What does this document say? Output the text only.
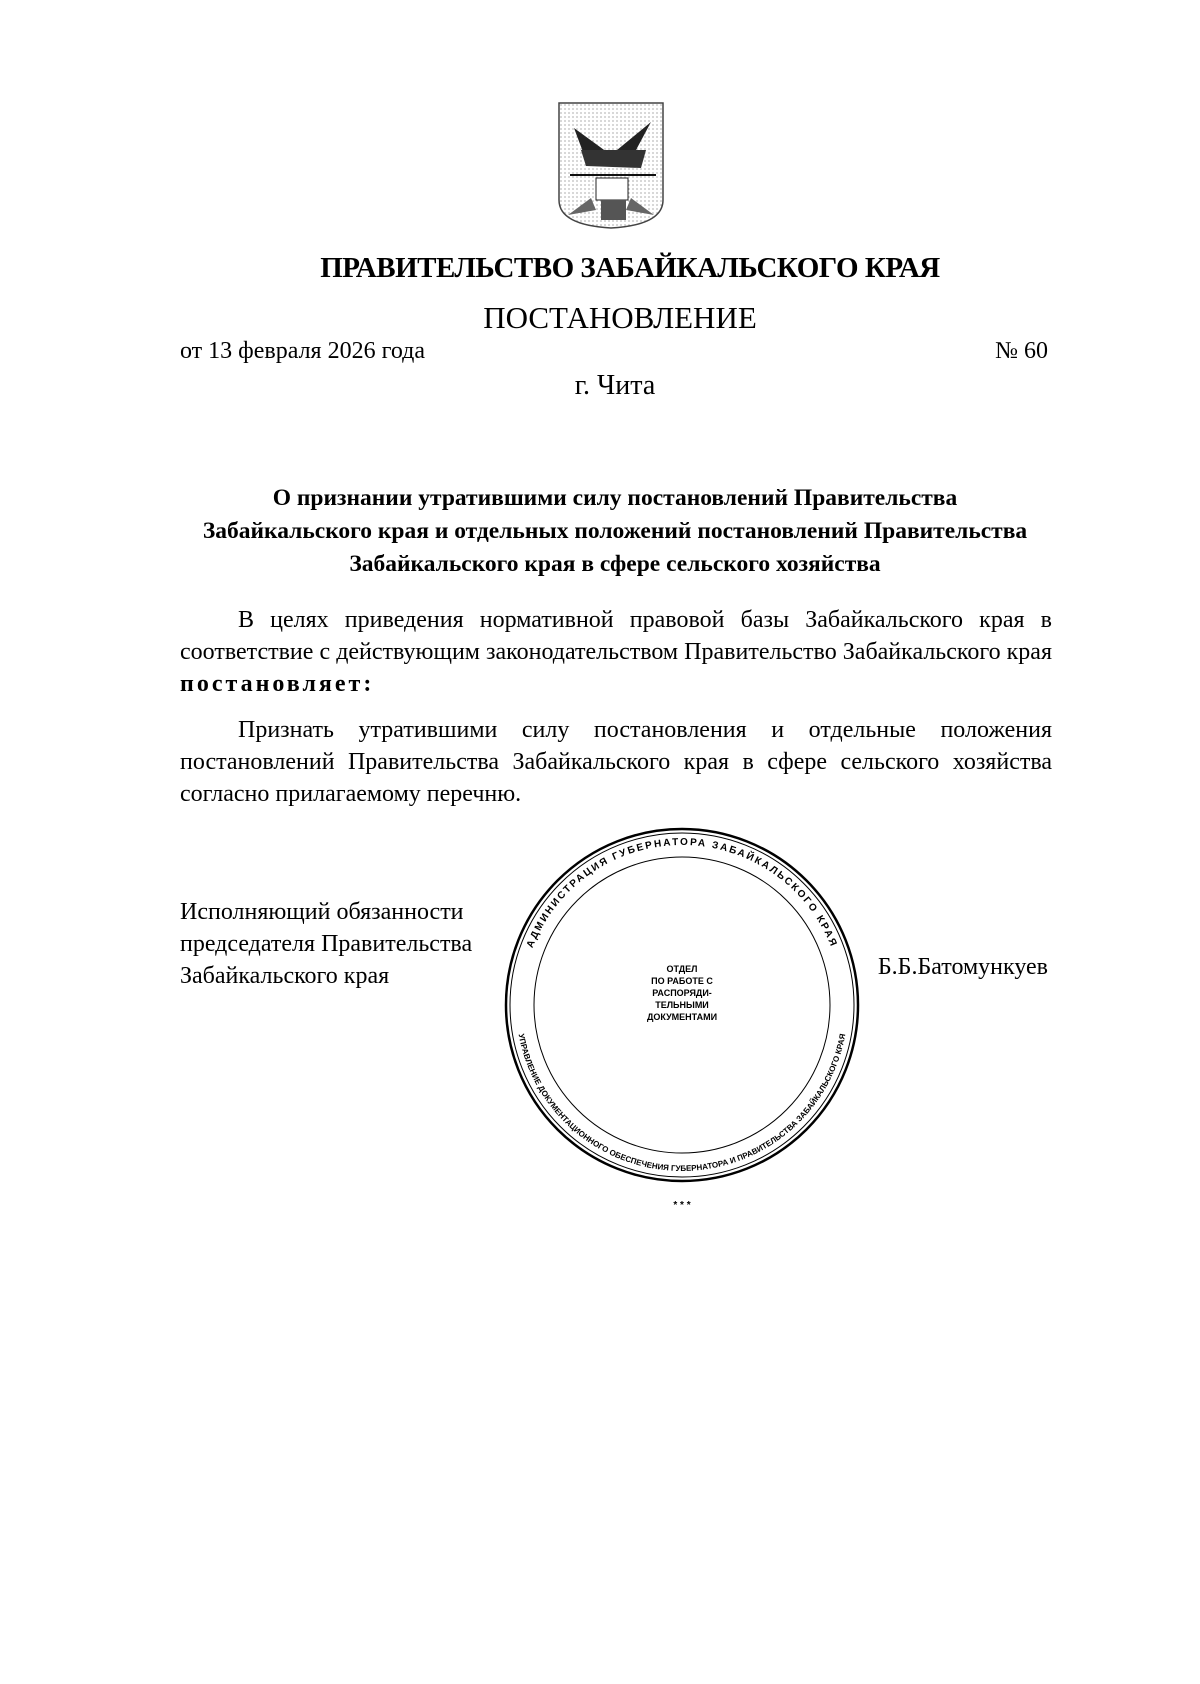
ПРАВИТЕЛЬСТВО ЗАБАЙКАЛЬСКОГО КРАЯ
ПОСТАНОВЛЕНИЕ
от 13 февраля 2026 года	№ 60
г. Чита
О признании утратившими силу постановлений Правительства Забайкальского края и отдельных положений постановлений Правительства Забайкальского края в сфере сельского хозяйства
В целях приведения нормативной правовой базы Забайкальского края в соответствие с действующим законодательством Правительство Забайкальского края постановляет:
Признать утратившими силу постановления и отдельные положения постановлений Правительства Забайкальского края в сфере сельского хозяйства согласно прилагаемому перечню.
Исполняющий обязанности
председателя Правительства
Забайкальского края	Б.Б.Батомункуев
АДМИНИСТРАЦИЯ ГУБЕРНАТОРА ЗАБАЙКАЛЬСКОГО КРАЯ
УПРАВЛЕНИЕ ДОКУМЕНТАЦИОННОГО ОБЕСПЕЧЕНИЯ ГУБЕРНАТОРА И ПРАВИТЕЛЬСТВА ЗАБАЙКАЛЬСКОГО КРАЯ
ОТДЕЛ
ПО РАБОТЕ С
РАСПОРЯДИ-
ТЕЛЬНЫМИ
ДОКУМЕНТАМИ
* * *
